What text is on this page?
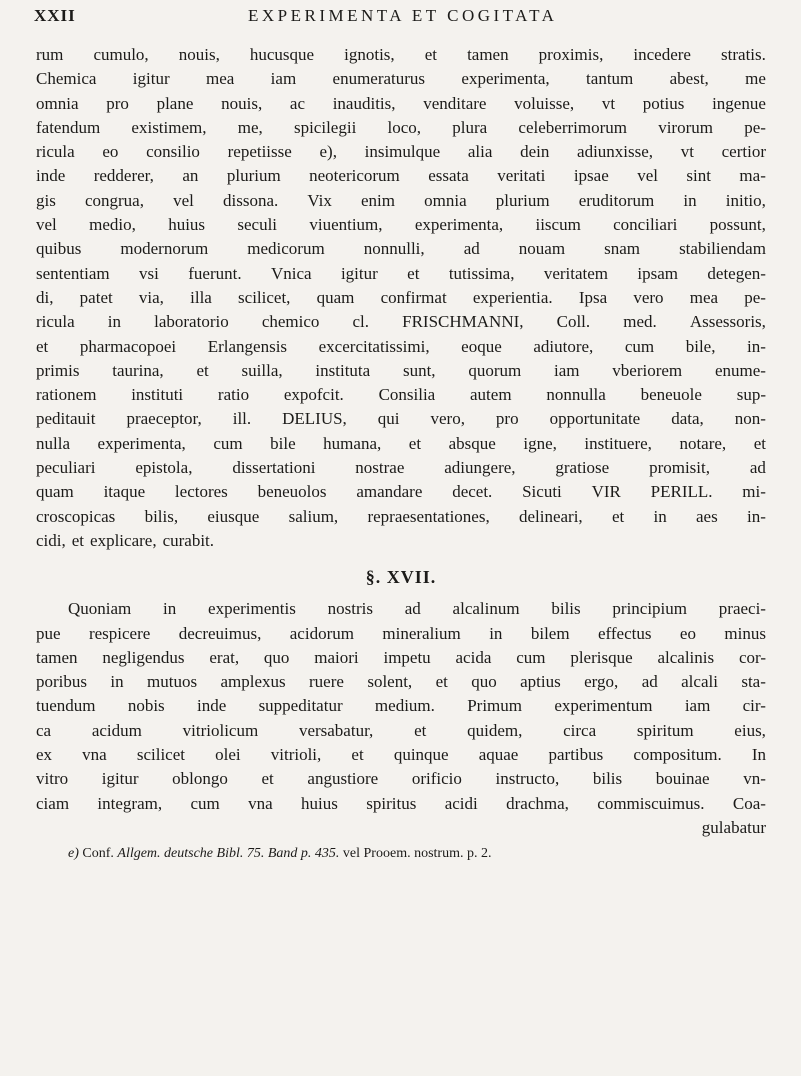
XXII	EXPERIMENTA ET COGITATA
rum cumulo, nouis, hucusque ignotis, et tamen proximis, incedere stratis.
Chemica igitur mea iam enumeraturus experimenta, tantum abest, me
omnia pro plane nouis, ac inauditis, venditare voluisse, vt potius ingenue
fatendum existimem, me, spicilegii loco, plura celeberrimorum virorum pe-
ricula eo consilio repetiisse e), insimulque alia dein adiunxisse, vt certior
inde redderer, an plurium neotericorum essata veritati ipsae vel sint ma-
gis congrua, vel dissona. Vix enim omnia plurium eruditorum in initio,
vel medio, huius seculi viuentium, experimenta, iiscum conciliari possunt,
quibus modernorum medicorum nonnulli, ad nouam snam stabiliendam
sententiam vsi fuerunt. Vnica igitur et tutissima, veritatem ipsam detegen-
di, patet via, illa scilicet, quam confirmat experientia. Ipsa vero mea pe-
ricula in laboratorio chemico cl. FRISCHMANNI, Coll. med. Assessoris,
et pharmacopoei Erlangensis excercitatissimi, eoque adiutore, cum bile, in-
primis taurina, et suilla, instituta sunt, quorum iam vberiorem enume-
rationem instituti ratio expofcit. Consilia autem nonnulla beneuole sup-
peditauit praeceptor, ill. DELIUS, qui vero, pro opportunitate data, non-
nulla experimenta, cum bile humana, et absque igne, instituere, notare, et
peculiari epistola, dissertationi nostrae adiungere, gratiose promisit, ad
quam itaque lectores beneuolos amandare decet. Sicuti VIR PERILL. mi-
croscopicas bilis, eiusque salium, repraesentationes, delineari, et in aes in-
cidi, et explicare, curabit.
§. XVII.
Quoniam in experimentis nostris ad alcalinum bilis principium praeci-
pue respicere decreuimus, acidorum mineralium in bilem effectus eo minus
tamen negligendus erat, quo maiori impetu acida cum plerisque alcalinis cor-
poribus in mutuos amplexus ruere solent, et quo aptius ergo, ad alcali sta-
tuendum nobis inde suppeditatur medium. Primum experimentum iam cir-
ca acidum vitriolicum versabatur, et quidem, circa spiritum eius,
ex vna scilicet olei vitrioli, et quinque aquae partibus compositum. In
vitro igitur oblongo et angustiore orificio instructo, bilis bouinae vn-
ciam integram, cum vna huius spiritus acidi drachma, commiscuimus. Coa-
gulabatur
e) Conf. Allgem. deutsche Bibl. 75. Band p. 435. vel Prooem. nostrum. p. 2.
